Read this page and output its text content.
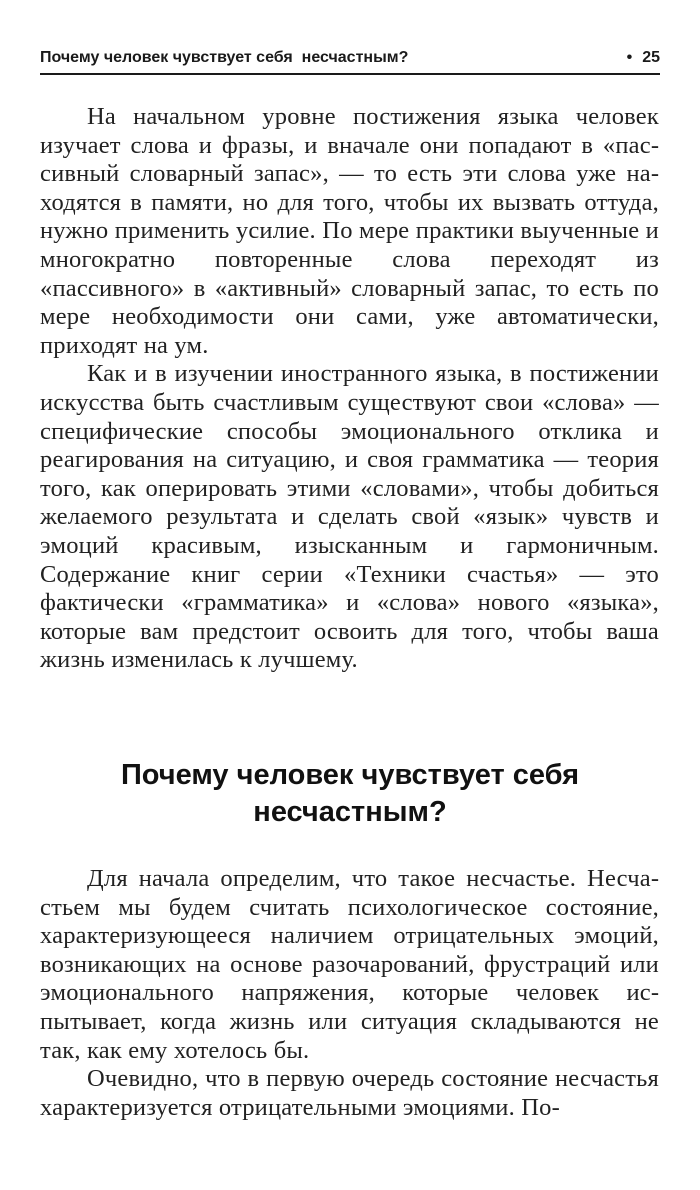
Почему человек чувствует себя  несчастным?	• 25

На начальном уровне постижения языка человек изучает слова и фразы, и вначале они попадают в «пассивный словарный запас», — то есть эти слова уже находятся в памяти, но для того, чтобы их вызвать оттуда, нужно применить усилие. По мере практики выученные и многократно повторенные слова переходят из «пассивного» в «активный» словарный запас, то есть по мере необходимости они сами, уже автоматически, приходят на ум.

Как и в изучении иностранного языка, в постижении искусства быть счастливым существуют свои «слова» — специфические способы эмоционального отклика и реагирования на ситуацию, и своя грамматика — теория того, как оперировать этими «словами», чтобы добиться желаемого результата и сделать свой «язык» чувств и эмоций красивым, изысканным и гармоничным. Содержание книг серии «Техники счастья» — это фактически «грамматика» и «слова» нового «языка», которые вам предстоит освоить для того, чтобы ваша жизнь изменилась к лучшему.

Почему человек чувствует себя
несчастным?

Для начала определим, что такое несчастье. Несчастьем мы будем считать психологическое состояние, характеризующееся наличием отрицательных эмоций, возникающих на основе разочарований, фрустраций или эмоционального напряжения, которые человек испытывает, когда жизнь или ситуация складываются не так, как ему хотелось бы.

Очевидно, что в первую очередь состояние несчастья характеризуется отрицательными эмоциями. По-
